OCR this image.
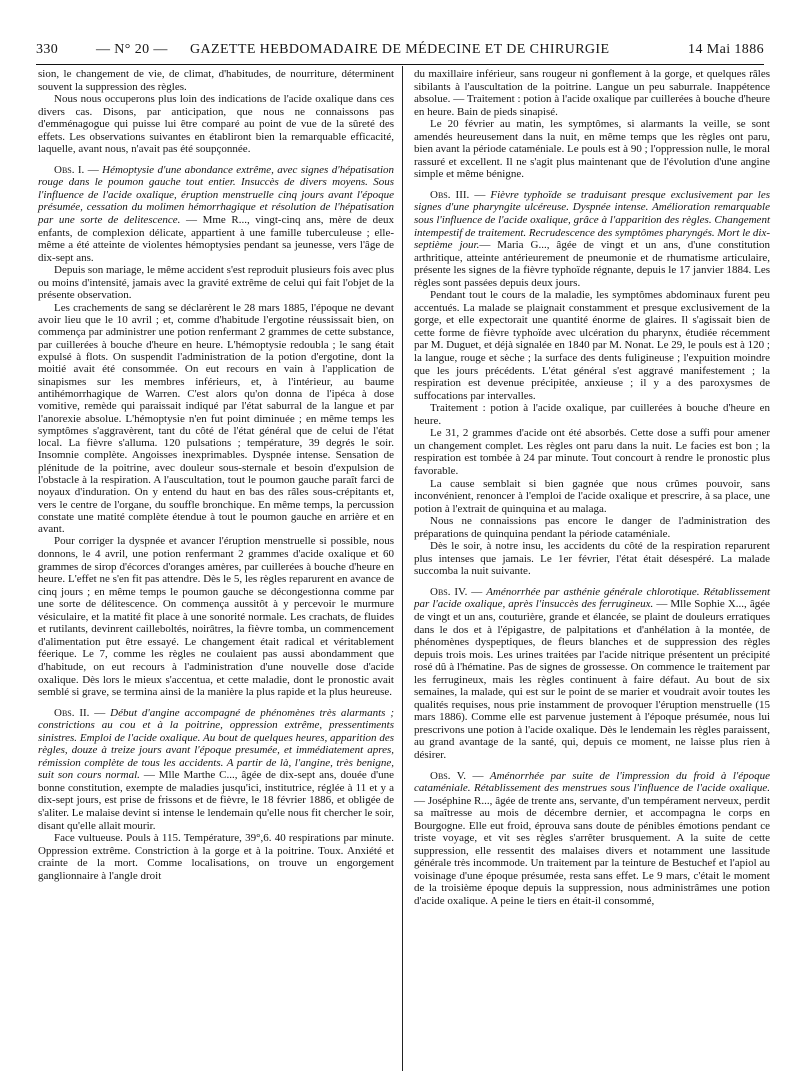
330	— N° 20 — GAZETTE HEBDOMADAIRE DE MÉDECINE ET DE CHIRURGIE	14 Mai 1886

sion, le changement de vie, de climat, d'habitudes, de nourriture, déterminent souvent la suppression des règles.

Nous nous occuperons plus loin des indications de l'acide oxalique dans ces divers cas. Disons, par anticipation, que nous ne connaissons pas d'emménagogue qui puisse lui être comparé au point de vue de la sûreté des effets. Les observations suivantes en établiront bien la remarquable efficacité, laquelle, avant nous, n'avait pas été soupçonnée.

Obs. I. — Hémoptysie d'une abondance extrême, avec signes d'hépatisation rouge dans le poumon gauche tout entier. Insuccès de divers moyens. Sous l'influence de l'acide oxalique, éruption menstruelle cinq jours avant l'époque présumée, cessation du molimen hémorrhagique et résolution de l'hépatisation par une sorte de delitescence. — Mme R..., vingt-cinq ans, mère de deux enfants, de complexion délicate, appartient à une famille tuberculeuse ; elle-même a été atteinte de violentes hémoptysies pendant sa jeunesse, vers l'âge de dix-sept ans.

Depuis son mariage, le même accident s'est reproduit plusieurs fois avec plus ou moins d'intensité, jamais avec la gravité extrême de celui qui fait l'objet de la présente observation.

Les crachements de sang se déclarèrent le 28 mars 1885, l'époque ne devant avoir lieu que le 10 avril ; et, comme d'habitude l'ergotine réussissait bien, on commença par administrer une potion renfermant 2 grammes de cette substance, par cuillerées à bouche d'heure en heure. L'hémoptysie redoubla ; le sang était expulsé à flots. On suspendit l'administration de la potion d'ergotine, dont la moitié avait été consommée. On eut recours en vain à l'application de sinapismes sur les membres inférieurs, et, à l'intérieur, au baume antihémorrhagique de Warren. C'est alors qu'on donna de l'ipéca à dose vomitive, remède qui paraissait indiqué par l'état saburral de la langue et par l'anorexie absolue. L'hémoptysie n'en fut point diminuée ; en même temps les symptômes s'aggravèrent, tant du côté de l'état général que de celui de l'état local. La fièvre s'alluma. 120 pulsations ; température, 39 degrés le soir. Insomnie complète. Angoisses inexprimables. Dyspnée intense. Sensation de plénitude de la poitrine, avec douleur sous-sternale et besoin d'expulsion de l'obstacle à la respiration. A l'auscultation, tout le poumon gauche paraît farci de noyaux d'induration. On y entend du haut en bas des râles sous-crépitants et, vers le centre de l'organe, du souffle bronchique. En même temps, la percussion constate une matité complète étendue à tout le poumon gauche en arrière et en avant.

Pour corriger la dyspnée et avancer l'éruption menstruelle si possible, nous donnons, le 4 avril, une potion renfermant 2 grammes d'acide oxalique et 60 grammes de sirop d'écorces d'oranges amères, par cuillerées à bouche d'heure en heure. L'effet ne s'en fit pas attendre. Dès le 5, les règles reparurent en avance de cinq jours ; en même temps le poumon gauche se décongestionna comme par une sorte de délitescence. On commença aussitôt à y percevoir le murmure vésiculaire, et la matité fit place à une sonorité normale. Les crachats, de fluides et rutilants, devinrent cailleboltés, noirâtres, la fièvre tomba, un commencement d'alimentation put être essayé. Le changement était radical et véritablement féerique. Le 7, comme les règles ne coulaient pas aussi abondamment que d'habitude, on eut recours à l'administration d'une nouvelle dose d'acide oxalique. Dès lors le mieux s'accentua, et cette maladie, dont le pronostic avait semblé si grave, se termina ainsi de la manière la plus rapide et la plus heureuse.

Obs. II. — Début d'angine accompagné de phénomènes très alarmants ; constrictions au cou et à la poitrine, oppression extrême, pressentiments sinistres. Emploi de l'acide oxalique. Au bout de quelques heures, apparition des règles, douze à treize jours avant l'époque presumée, et immédiatement apres, rémission complète de tous les accidents. A partir de là, l'angine, très benigne, suit son cours normal. — Mlle Marthe C..., âgée de dix-sept ans, douée d'une bonne constitution, exempte de maladies jusqu'ici, institutrice, réglée à 11 et y a dix-sept jours, est prise de frissons et de fièvre, le 18 février 1886, et obligée de s'aliter. Le malaise devint si intense le lendemain qu'elle nous fit chercher le soir, disant qu'elle allait mourir.

Face vultueuse. Pouls à 115. Température, 39°,6. 40 respirations par minute. Oppression extrême. Constriction à la gorge et à la poitrine. Toux. Anxiété et crainte de la mort. Comme localisations, on trouve un engorgement ganglionnaire à l'angle droit

du maxillaire inférieur, sans rougeur ni gonflement à la gorge, et quelques râles sibilants à l'auscultation de la poitrine. Langue un peu saburrale. Inappétence absolue. — Traitement : potion à l'acide oxalique par cuillerées à bouche d'heure en heure. Bain de pieds sinapisé.

Le 20 février au matin, les symptômes, si alarmants la veille, se sont amendés heureusement dans la nuit, en même temps que les règles ont paru, bien avant la période cataméniale. Le pouls est à 90 ; l'oppression nulle, le moral rassuré et excellent. Il ne s'agit plus maintenant que de l'évolution d'une angine simple et même bénigne.

Obs. III. — Fièvre typhoïde se traduisant presque exclusivement par les signes d'une pharyngite ulcéreuse. Dyspnée intense. Amélioration remarquable sous l'influence de l'acide oxalique, grâce à l'apparition des règles. Changement intempestif de traitement. Recrudescence des symptômes pharyngés. Mort le dix-septième jour.— Maria G..., âgée de vingt et un ans, d'une constitution arthritique, atteinte antérieurement de pneumonie et de rhumatisme articulaire, présente les signes de la fièvre typhoïde régnante, depuis le 17 janvier 1884. Les règles sont passées depuis deux jours.

Pendant tout le cours de la maladie, les symptômes abdominaux furent peu accentués. La malade se plaignait constamment et presque exclusivement de la gorge, et elle expectorait une quantité énorme de glaires. Il s'agissait bien de cette forme de fièvre typhoïde avec ulcération du pharynx, étudiée récemment par M. Duguet, et déjà signalée en 1840 par M. Nonat. Le 29, le pouls est à 120 ; la langue, rouge et sèche ; la surface des dents fuligineuse ; l'expuition moindre que les jours précédents. L'état général s'est aggravé manifestement ; la respiration est devenue précipitée, anxieuse ; il y a des paroxysmes de suffocations par intervalles.

Traitement : potion à l'acide oxalique, par cuillerées à bouche d'heure en heure.

Le 31, 2 grammes d'acide ont été absorbés. Cette dose a suffi pour amener un changement complet. Les règles ont paru dans la nuit. Le facies est bon ; la respiration est tombée à 24 par minute. Tout concourt à rendre le pronostic plus favorable.

La cause semblait si bien gagnée que nous crûmes pouvoir, sans inconvénient, renoncer à l'emploi de l'acide oxalique et prescrire, à sa place, une potion à l'extrait de quinquina et au malaga.

Nous ne connaissions pas encore le danger de l'administration des préparations de quinquina pendant la période cataméniale.

Dès le soir, à notre insu, les accidents du côté de la respiration reparurent plus intenses que jamais. Le 1er février, l'état était désespéré. La malade succomba la nuit suivante.

Obs. IV. — Aménorrhée par asthénie générale chlorotique. Rétablissement par l'acide oxalique, après l'insuccès des ferrugineux. — Mlle Sophie X..., âgée de vingt et un ans, couturière, grande et élancée, se plaint de douleurs erratiques dans le dos et à l'épigastre, de palpitations et d'anhélation à la montée, de phénomènes dyspeptiques, de fleurs blanches et de suppression des règles depuis trois mois. Les urines traitées par l'acide nitrique présentent un précipité rosé dû à l'hématine. Pas de signes de grossesse. On commence le traitement par les ferrugineux, mais les règles continuent à faire défaut. Au bout de six semaines, la malade, qui est sur le point de se marier et voudrait avoir toutes les qualités requises, nous prie instamment de provoquer l'éruption menstruelle (15 mars 1886). Comme elle est parvenue justement à l'époque présumée, nous lui prescrivons une potion à l'acide oxalique. Dès le lendemain les règles paraissent, au grand avantage de la santé, qui, depuis ce moment, ne laisse plus rien à désirer.

Obs. V. — Aménorrhée par suite de l'impression du froid à l'époque cataméniale. Rétablissement des menstrues sous l'influence de l'acide oxalique. — Joséphine R..., âgée de trente ans, servante, d'un tempérament nerveux, perdit sa maîtresse au mois de décembre dernier, et accompagna le corps en Bourgogne. Elle eut froid, éprouva sans doute de pénibles émotions pendant ce triste voyage, et vit ses règles s'arrêter brusquement. A la suite de cette suppression, elle ressentit des malaises divers et notamment une lassitude générale très incommode. Un traitement par la teinture de Bestuchef et l'apiol au voisinage d'une époque présumée, resta sans effet. Le 9 mars, c'était le moment de la troisième époque depuis la suppression, nous administrâmes une potion d'acide oxalique. A peine le tiers en était-il consommé,
